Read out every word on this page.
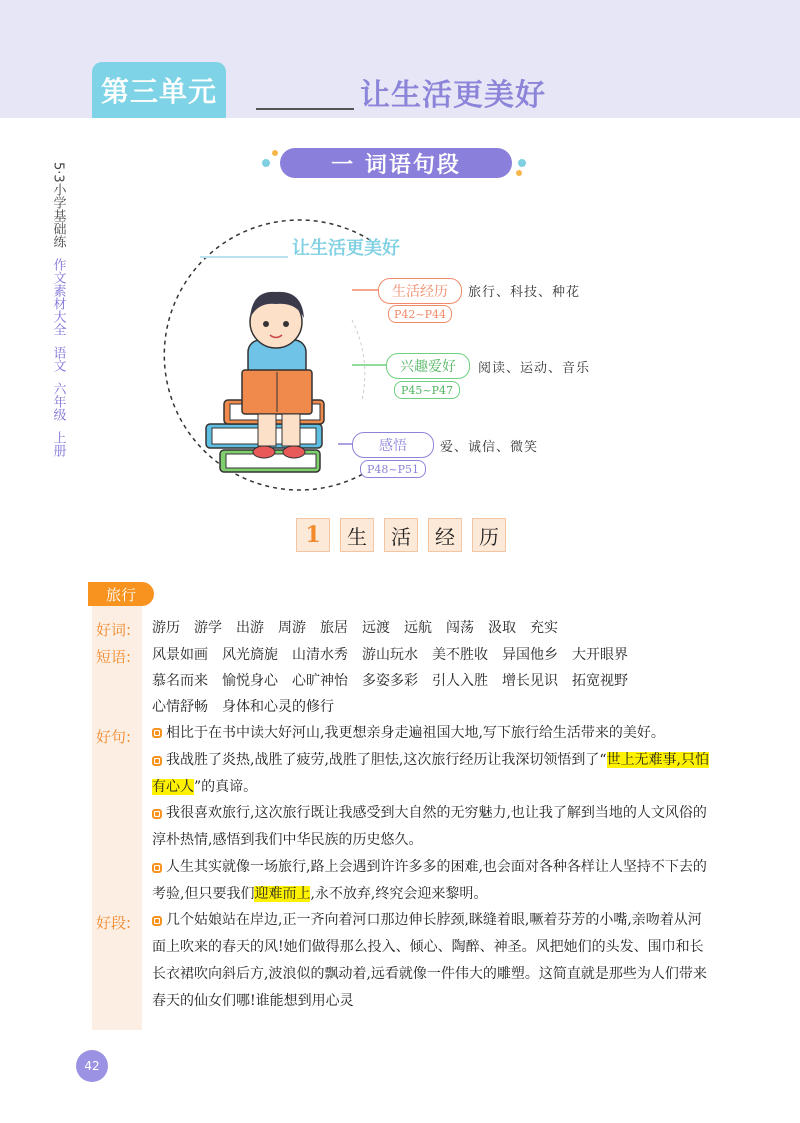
第三单元	让生活更美好
5·3
小学基础练
作文素材大全
语文
六年级
上册
一 词语句段
让生活更美好
生活经历
P42~P44
旅行、科技、种花
兴趣爱好
P45~P47
阅读、运动、音乐
感悟
P48~P51
爱、诚信、微笑
1	生	活	经	历
旅行
好词: 游历 游学 出游 周游 旅居 远渡 远航 闯荡 汲取 充实
短语: 风景如画 风光旖旎 山清水秀 游山玩水 美不胜收 异国他乡 大开眼界
慕名而来 愉悦身心 心旷神怡 多姿多彩 引人入胜 增长见识 拓宽视野
心情舒畅 身体和心灵的修行
好句:	相比于在书中读大好河山,我更想亲身走遍祖国大地,写下旅行给生活带来的美好。
我战胜了炎热,战胜了疲劳,战胜了胆怯,这次旅行经历让我深切领悟到了“世上无难事,只怕有心人”的真谛。
我很喜欢旅行,这次旅行既让我感受到大自然的无穷魅力,也让我了解到当地的人文风俗的淳朴热情,感悟到我们中华民族的历史悠久。
人生其实就像一场旅行,路上会遇到许许多多的困难,也会面对各种各样让人坚持不下去的考验,但只要我们迎难而上,永不放弃,终究会迎来黎明。
好段:	几个姑娘站在岸边,正一齐向着河口那边伸长脖颈,眯缝着眼,噘着芬芳的小嘴,亲吻着从河面上吹来的春天的风!她们做得那么投入、倾心、陶醉、神圣。风把她们的头发、围巾和长长衣裙吹向斜后方,波浪似的飘动着,远看就像一件伟大的雕塑。这简直就是那些为人们带来春天的仙女们哪!谁能想到用心灵
42
